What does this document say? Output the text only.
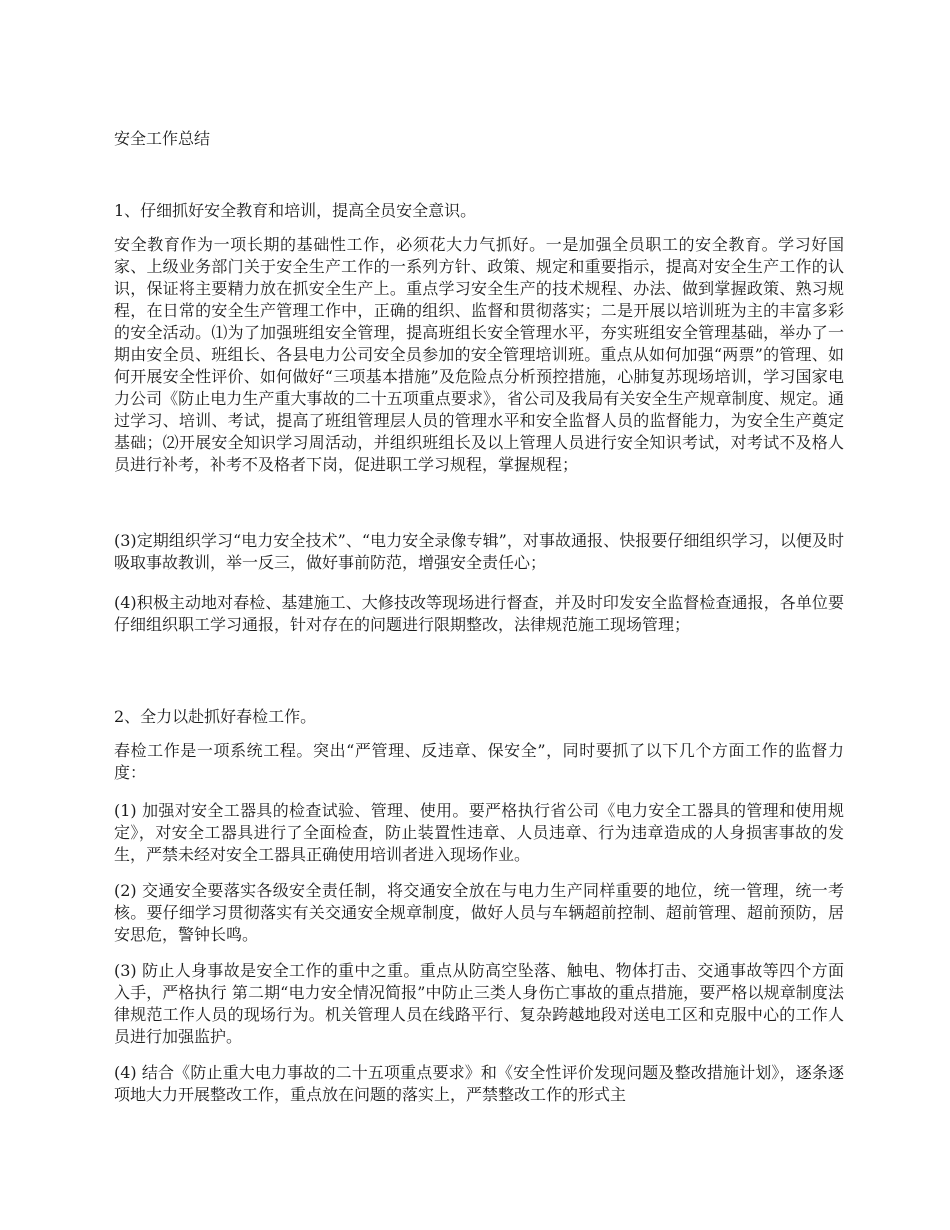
安全工作总结
1、仔细抓好安全教育和培训，提高全员安全意识。

安全教育作为一项长期的基础性工作，必须花大力气抓好。一是加强全员职工的安全教育。学习好国家、上级业务部门关于安全生产工作的一系列方针、政策、规定和重要指示，提高对安全生产工作的认识，保证将主要精力放在抓安全生产上。重点学习安全生产的技术规程、办法、做到掌握政策、熟习规程，在日常的安全生产管理工作中，正确的组织、监督和贯彻落实；二是开展以培训班为主的丰富多彩的安全活动。⑴为了加强班组安全管理，提高班组长安全管理水平，夯实班组安全管理基础，举办了一期由安全员、班组长、各县电力公司安全员参加的安全管理培训班。重点从如何加强“两票”的管理、如何开展安全性评价、如何做好“三项基本措施”及危险点分析预控措施，心肺复苏现场培训，学习国家电力公司《防止电力生产重大事故的二十五项重点要求》，省公司及我局有关安全生产规章制度、规定。通过学习、培训、考试，提高了班组管理层人员的管理水平和安全监督人员的监督能力，为安全生产奠定基础；⑵开展安全知识学习周活动，并组织班组长及以上管理人员进行安全知识考试，对考试不及格人员进行补考，补考不及格者下岗，促进职工学习规程，掌握规程；

(3)定期组织学习“电力安全技术”、“电力安全录像专辑”，对事故通报、快报要仔细组织学习，以便及时吸取事故教训，举一反三，做好事前防范，增强安全责任心；

(4)积极主动地对春检、基建施工、大修技改等现场进行督查，并及时印发安全监督检查通报，各单位要仔细组织职工学习通报，针对存在的问题进行限期整改，法律规范施工现场管理；

2、全力以赴抓好春检工作。

春检工作是一项系统工程。突出“严管理、反违章、保安全”，同时要抓了以下几个方面工作的监督力度：

(1) 加强对安全工器具的检查试验、管理、使用。要严格执行省公司《电力安全工器具的管理和使用规定》，对安全工器具进行了全面检查，防止装置性违章、人员违章、行为违章造成的人身损害事故的发生，严禁未经对安全工器具正确使用培训者进入现场作业。

(2) 交通安全要落实各级安全责任制，将交通安全放在与电力生产同样重要的地位，统一管理，统一考核。要仔细学习贯彻落实有关交通安全规章制度，做好人员与车辆超前控制、超前管理、超前预防，居安思危，警钟长鸣。

(3) 防止人身事故是安全工作的重中之重。重点从防高空坠落、触电、物体打击、交通事故等四个方面入手，严格执行 第二期“电力安全情况简报”中防止三类人身伤亡事故的重点措施，要严格以规章制度法律规范工作人员的现场行为。机关管理人员在线路平行、复杂跨越地段对送电工区和克服中心的工作人员进行加强监护。

(4) 结合《防止重大电力事故的二十五项重点要求》和《安全性评价发现问题及整改措施计划》，逐条逐项地大力开展整改工作，重点放在问题的落实上，严禁整改工作的形式主
